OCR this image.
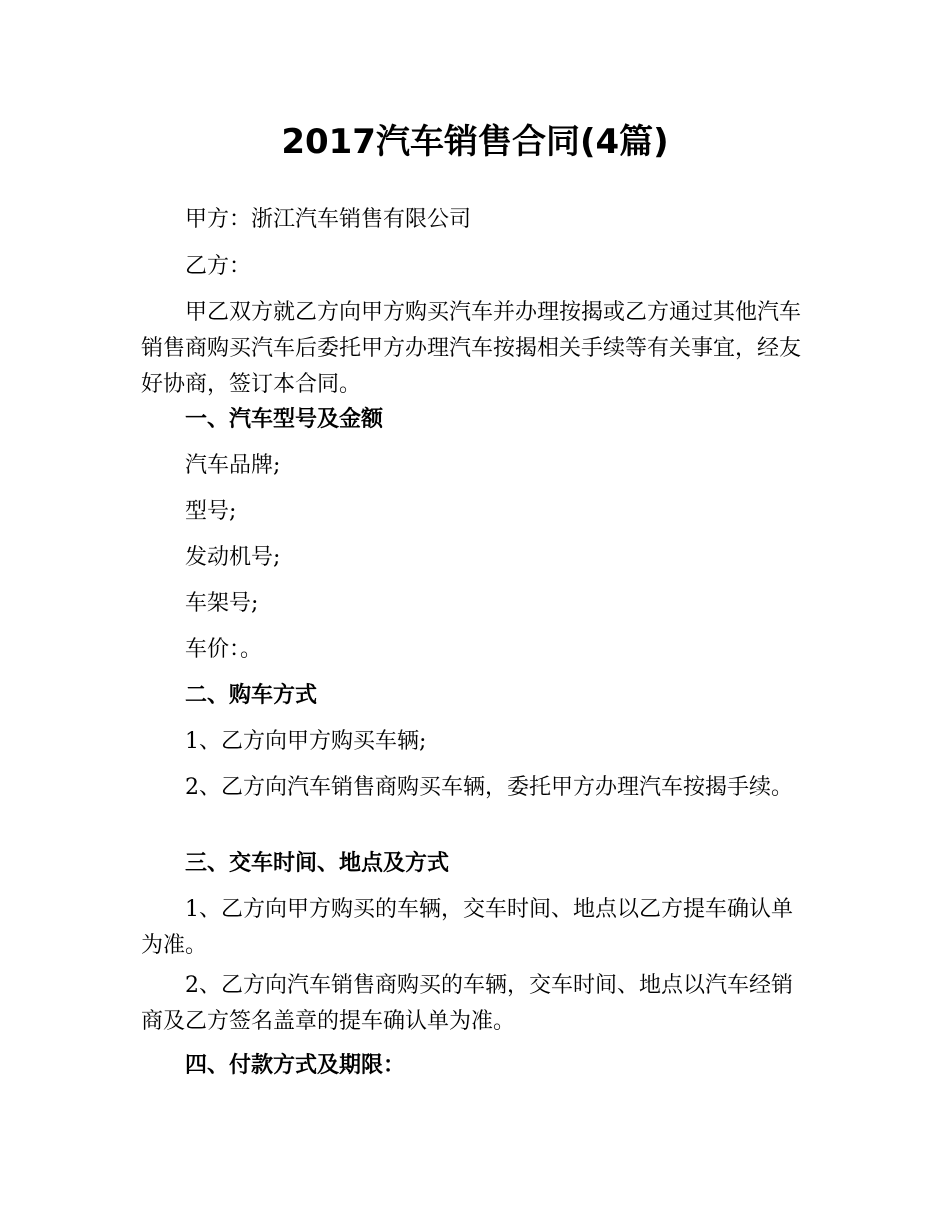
2017汽车销售合同(4篇)

甲方：浙江汽车销售有限公司

乙方：

甲乙双方就乙方向甲方购买汽车并办理按揭或乙方通过其他汽车销售商购买汽车后委托甲方办理汽车按揭相关手续等有关事宜，经友好协商，签订本合同。

一、汽车型号及金额

汽车品牌;

型号;

发动机号;

车架号;

车价：。

二、购车方式

1、乙方向甲方购买车辆;

2、乙方向汽车销售商购买车辆，委托甲方办理汽车按揭手续。

三、交车时间、地点及方式

1、乙方向甲方购买的车辆，交车时间、地点以乙方提车确认单为准。

2、乙方向汽车销售商购买的车辆，交车时间、地点以汽车经销商及乙方签名盖章的提车确认单为准。

四、付款方式及期限：
